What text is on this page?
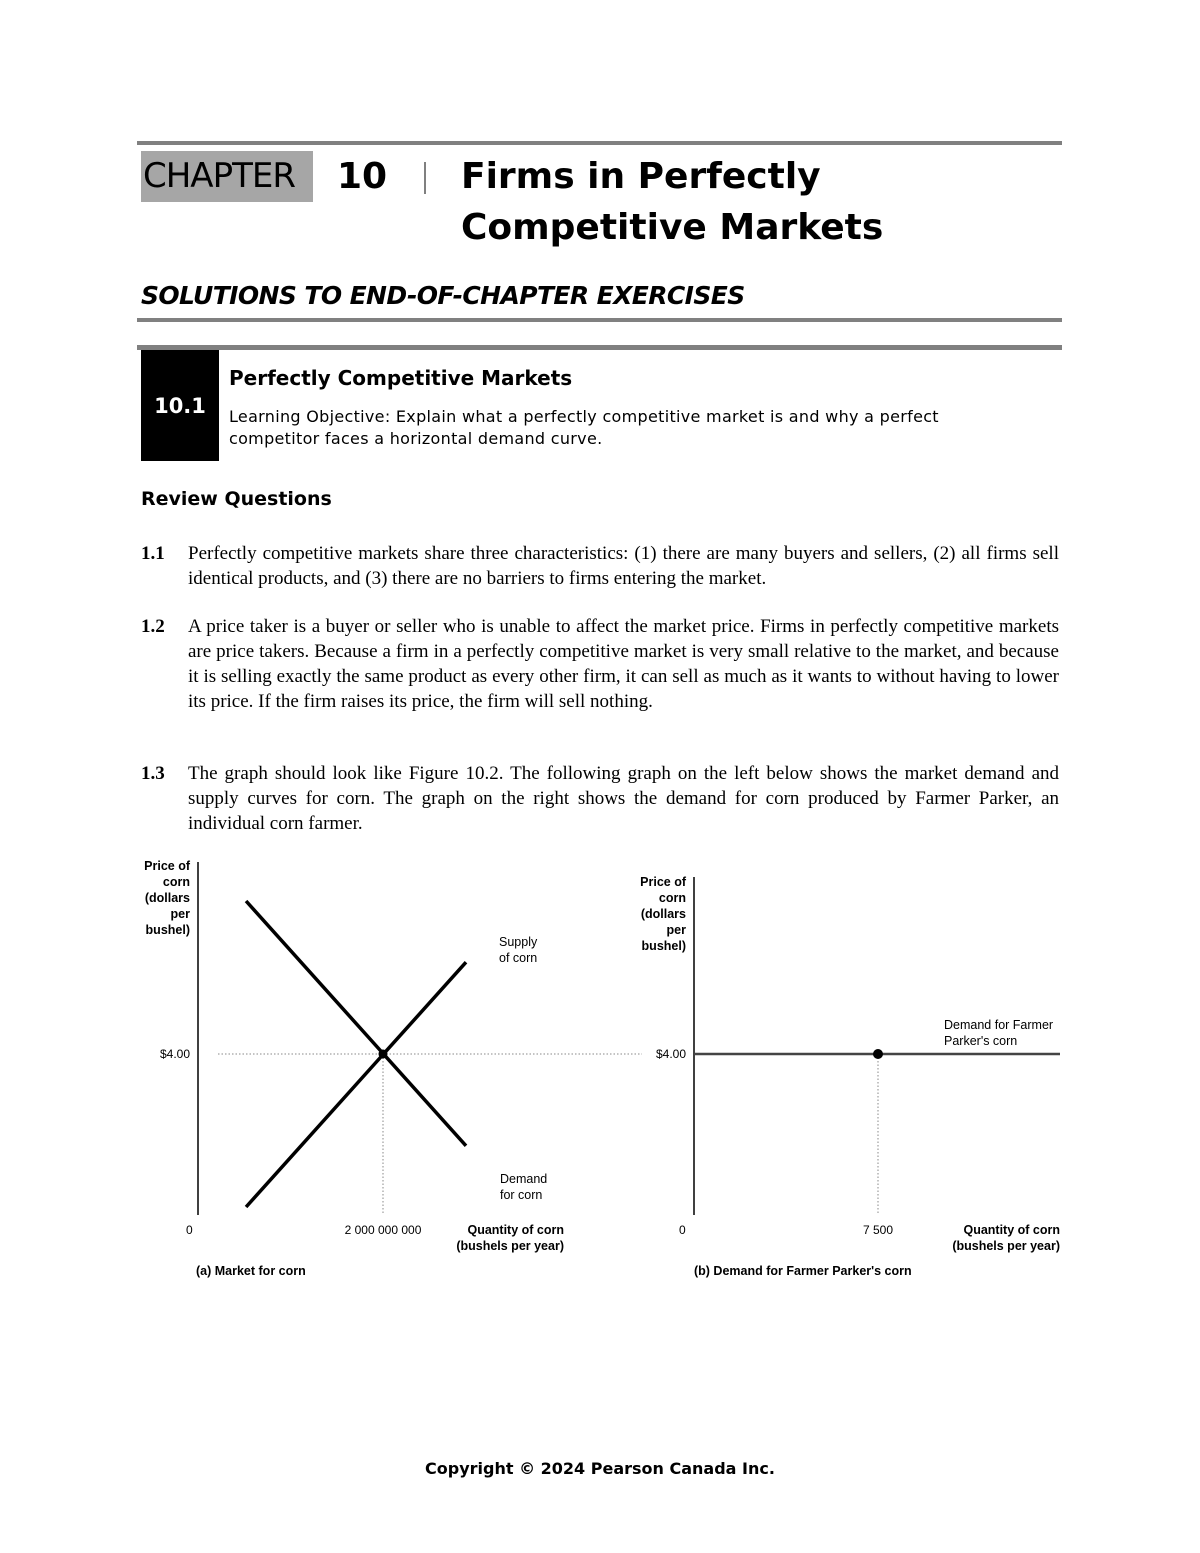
CHAPTER	10 Firms in Perfectly Competitive Markets
SOLUTIONS TO END-OF-CHAPTER EXERCISES
10.1
Perfectly Competitive Markets

Learning Objective: Explain what a perfectly competitive market is and why a perfect competitor faces a horizontal demand curve.

Review Questions
1.1 Perfectly competitive markets share three characteristics: (1) there are many buyers and sellers, (2) all firms sell identical products, and (3) there are no barriers to firms entering the market.

1.2 A price taker is a buyer or seller who is unable to affect the market price. Firms in perfectly competitive markets are price takers. Because a firm in a perfectly competitive market is very small relative to the market, and because it is selling exactly the same product as every other firm, it can sell as much as it wants to without having to lower its price. If the firm raises its price, the firm will sell nothing.

1.3 The graph should look like Figure 10.2. The following graph on the left below shows the market demand and supply curves for corn. The graph on the right shows the demand for corn produced by Farmer Parker, an individual corn farmer.

Price of
corn
(dollars
per
bushel)
$4.00
Supply
of corn
Demand
for corn
0	2 000 000 000	Quantity of corn
(bushels per year)
(a) Market for corn
Price of
corn
(dollars
per
bushel)
$4.00
Demand for Farmer
Parker's corn
0	7 500	Quantity of corn
(bushels per year)
(b) Demand for Farmer Parker's corn
Copyright © 2024 Pearson Canada Inc.
